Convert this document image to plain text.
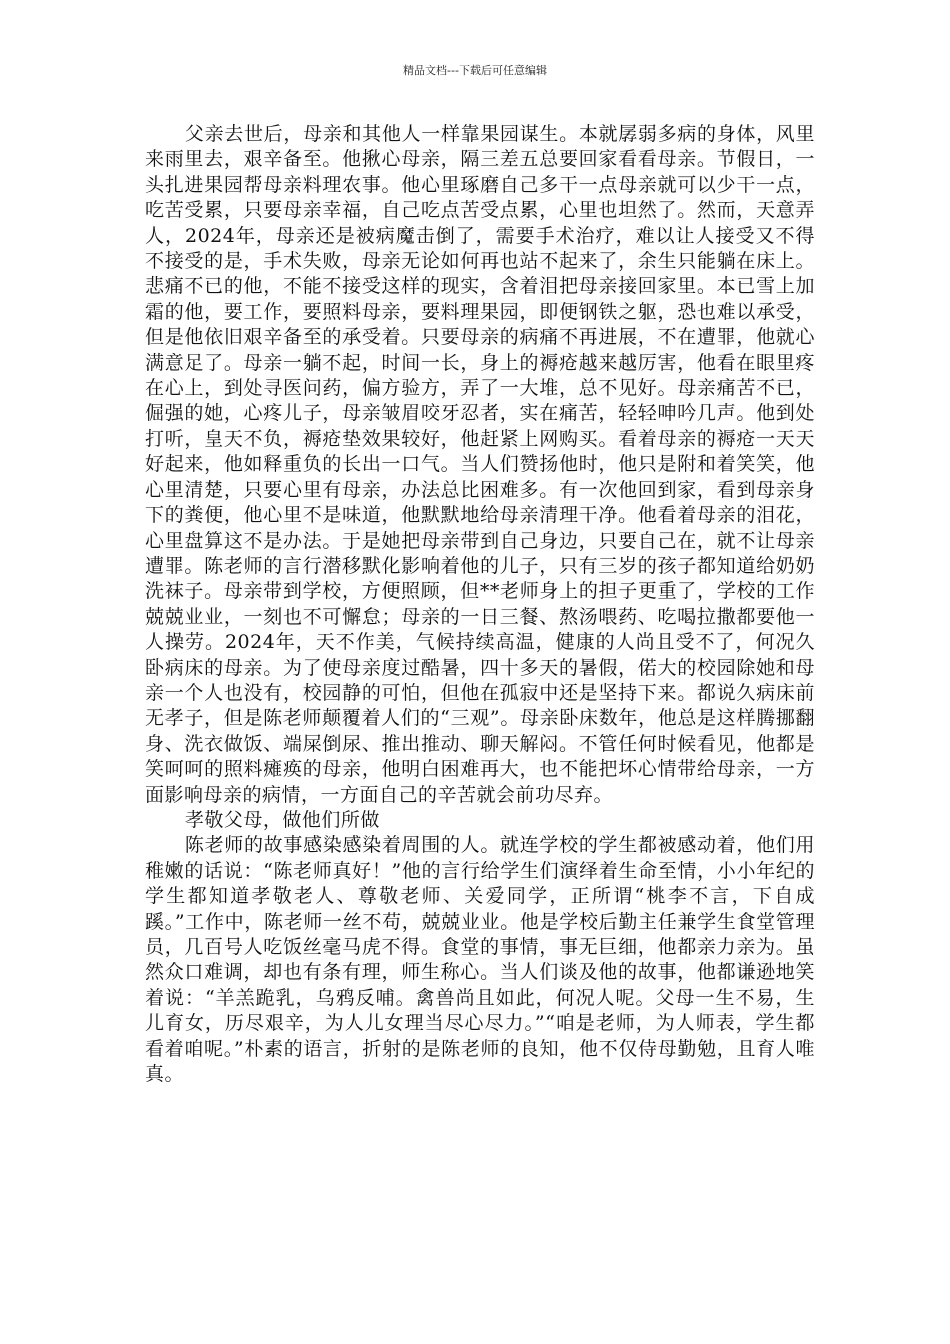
精品文档---下载后可任意编辑

父亲去世后，母亲和其他人一样靠果园谋生。本就孱弱多病的身体，风里来雨里去，艰辛备至。他揪心母亲，隔三差五总要回家看看母亲。节假日，一头扎进果园帮母亲料理农事。他心里琢磨自己多干一点母亲就可以少干一点，吃苦受累，只要母亲幸福，自己吃点苦受点累，心里也坦然了。然而，天意弄人，2024年，母亲还是被病魔击倒了，需要手术治疗，难以让人接受又不得不接受的是，手术失败，母亲无论如何再也站不起来了，余生只能躺在床上。悲痛不已的他，不能不接受这样的现实，含着泪把母亲接回家里。本已雪上加霜的他，要工作，要照料母亲，要料理果园，即便钢铁之躯，恐也难以承受，但是他依旧艰辛备至的承受着。只要母亲的病痛不再进展，不在遭罪，他就心满意足了。母亲一躺不起，时间一长，身上的褥疮越来越厉害，他看在眼里疼在心上，到处寻医问药，偏方验方，弄了一大堆，总不见好。母亲痛苦不已，倔强的她，心疼儿子，母亲皱眉咬牙忍者，实在痛苦，轻轻呻吟几声。他到处打听，皇天不负，褥疮垫效果较好，他赶紧上网购买。看着母亲的褥疮一天天好起来，他如释重负的长出一口气。当人们赞扬他时，他只是附和着笑笑，他心里清楚，只要心里有母亲，办法总比困难多。有一次他回到家，看到母亲身下的粪便，他心里不是味道，他默默地给母亲清理干净。他看着母亲的泪花，心里盘算这不是办法。于是她把母亲带到自己身边，只要自己在，就不让母亲遭罪。陈老师的言行潜移默化影响着他的儿子，只有三岁的孩子都知道给奶奶洗袜子。母亲带到学校，方便照顾，但**老师身上的担子更重了，学校的工作兢兢业业，一刻也不可懈怠；母亲的一日三餐、熬汤喂药、吃喝拉撒都要他一人操劳。2024年，天不作美，气候持续高温，健康的人尚且受不了，何况久卧病床的母亲。为了使母亲度过酷暑，四十多天的暑假，偌大的校园除她和母亲一个人也没有，校园静的可怕，但他在孤寂中还是坚持下来。都说久病床前无孝子，但是陈老师颠覆着人们的“三观”。母亲卧床数年，他总是这样腾挪翻身、洗衣做饭、端屎倒尿、推出推动、聊天解闷。不管任何时候看见，他都是笑呵呵的照料瘫痪的母亲，他明白困难再大，也不能把坏心情带给母亲，一方面影响母亲的病情，一方面自己的辛苦就会前功尽弃。

孝敬父母，做他们所做

陈老师的故事感染感染着周围的人。就连学校的学生都被感动着，他们用稚嫩的话说：“陈老师真好！”他的言行给学生们演绎着生命至情，小小年纪的学生都知道孝敬老人、尊敬老师、关爱同学，正所谓“桃李不言，下自成蹊。”工作中，陈老师一丝不苟，兢兢业业。他是学校后勤主任兼学生食堂管理员，几百号人吃饭丝毫马虎不得。食堂的事情，事无巨细，他都亲力亲为。虽然众口难调，却也有条有理，师生称心。当人们谈及他的故事，他都谦逊地笑着说：“羊羔跪乳，乌鸦反哺。禽兽尚且如此，何况人呢。父母一生不易，生儿育女，历尽艰辛，为人儿女理当尽心尽力。”“咱是老师，为人师表，学生都看着咱呢。”朴素的语言，折射的是陈老师的良知，他不仅侍母勤勉，且育人唯真。
